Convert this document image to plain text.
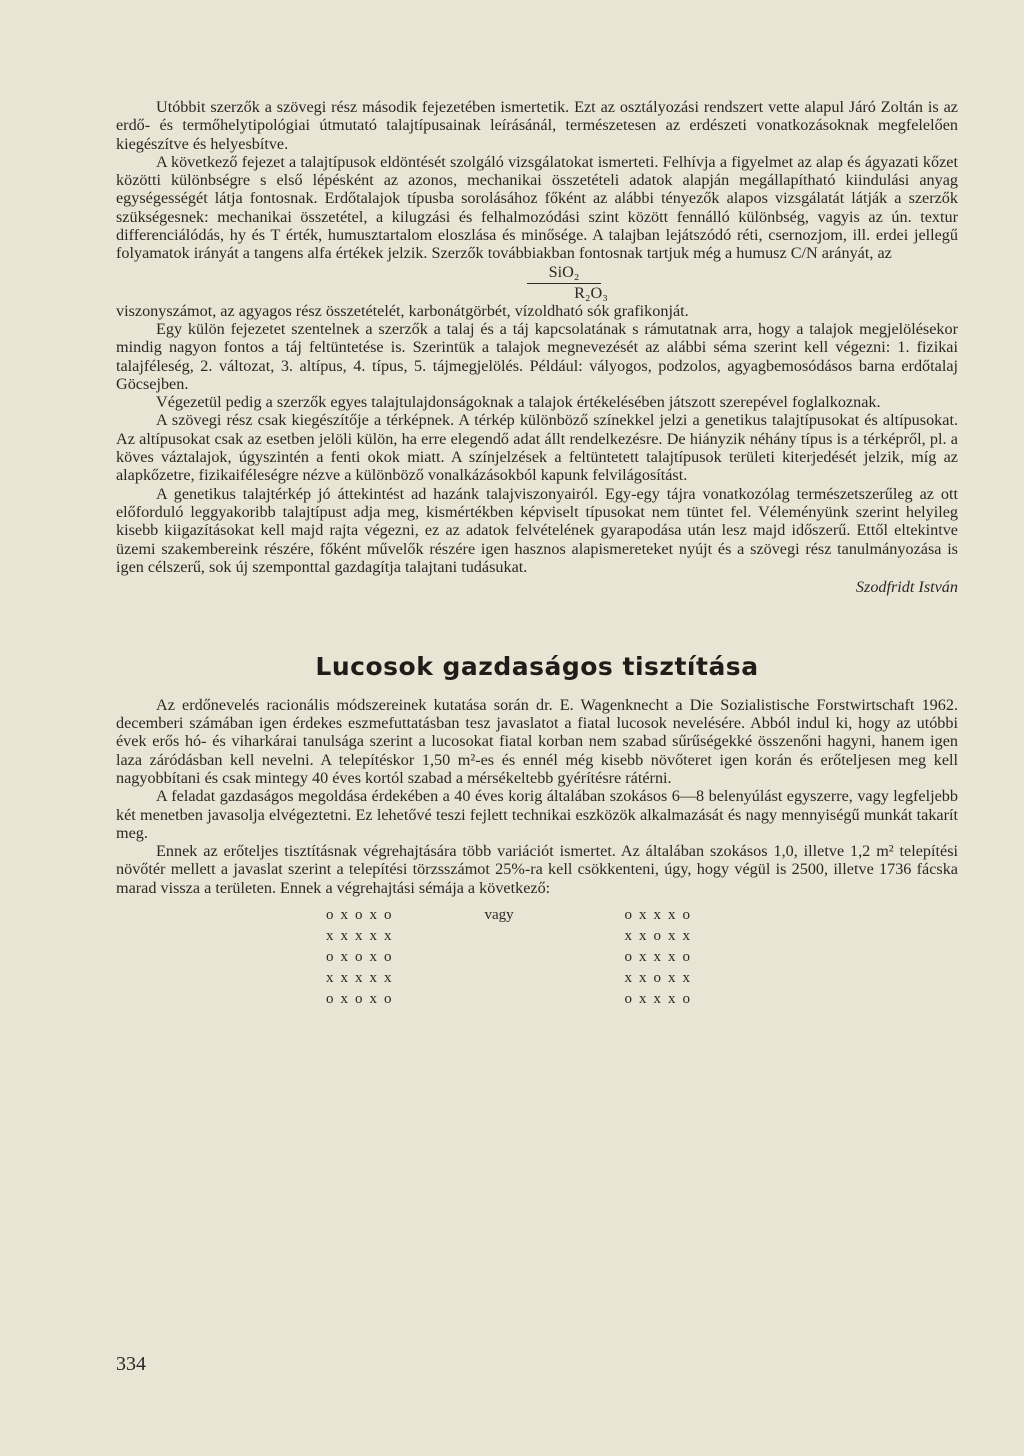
Utóbbit szerzők a szövegi rész második fejezetében ismertetik. Ezt az osztályozási rendszert vette alapul Járó Zoltán is az erdő- és termőhelytipológiai útmutató talajtípusainak leírásánál, természetesen az erdészeti vonatkozásoknak megfelelően kiegészítve és helyesbítve.

A következő fejezet a talajtípusok eldöntését szolgáló vizsgálatokat ismerteti. Felhívja a figyelmet az alap és ágyazati kőzet közötti különbségre s első lépésként az azonos, mechanikai összetételi adatok alapján megállapítható kiindulási anyag egységességét látja fontosnak. Erdőtalajok típusba sorolásához főként az alábbi tényezők alapos vizsgálatát látják a szerzők szükségesnek: mechanikai összetétel, a kilugzási és felhalmozódási szint között fennálló különbség, vagyis az ún. textur differenciálódás, hy és T érték, humusztartalom eloszlása és minősége. A talajban lejátszódó réti, csernozjom, ill. erdei jellegű folyamatok irányát a tangens alfa értékek jelzik. Szerzők továbbiakban fontosnak tartjuk még a humusz C/N arányát, az

SiO₂
R₂O₃

viszonyszámot, az agyagos rész összetételét, karbonátgörbét, vízoldható sók grafikonját.

Egy külön fejezetet szentelnek a szerzők a talaj és a táj kapcsolatának s rámutatnak arra, hogy a talajok megjelölésekor mindig nagyon fontos a táj feltüntetése is. Szerintük a talajok megnevezését az alábbi séma szerint kell végezni: 1. fizikai talajféleség, 2. változat, 3. altípus, 4. típus, 5. tájmegjelölés. Például: vályogos, podzolos, agyagbemosódásos barna erdőtalaj Göcsejben.

Végezetül pedig a szerzők egyes talajtulajdonságoknak a talajok értékelésében játszott szerepével foglalkoznak.

A szövegi rész csak kiegészítője a térképnek. A térkép különböző színekkel jelzi a genetikus talajtípusokat és altípusokat. Az altípusokat csak az esetben jelöli külön, ha erre elegendő adat állt rendelkezésre. De hiányzik néhány típus is a térképről, pl. a köves váztalajok, úgyszintén a fenti okok miatt. A színjelzések a feltüntetett talajtípusok területi kiterjedését jelzik, míg az alapkőzetre, fizikaiféleségre nézve a különböző vonalkázásokból kapunk felvilágosítást.

A genetikus talajtérkép jó áttekintést ad hazánk talajviszonyairól. Egy-egy tájra vonatkozólag természetszerűleg az ott előforduló leggyakoribb talajtípust adja meg, kismértékben képviselt típusokat nem tüntet fel. Véleményünk szerint helyileg kisebb kiigazításokat kell majd rajta végezni, ez az adatok felvételének gyarapodása után lesz majd időszerű. Ettől eltekintve üzemi szakembereink részére, főként művelők részére igen hasznos alapismereteket nyújt és a szövegi rész tanulmányozása is igen célszerű, sok új szemponttal gazdagítja talajtani tudásukat.

Szodfridt István
Lucosok gazdaságos tisztítása

Az erdőnevelés racionális módszereinek kutatása során dr. E. Wagenknecht a Die Sozialistische Forstwirtschaft 1962. decemberi számában igen érdekes eszmefuttatásban tesz javaslatot a fiatal lucosok nevelésére. Abból indul ki, hogy az utóbbi évek erős hó- és viharkárai tanulsága szerint a lucosokat fiatal korban nem szabad sűrűségekké összenőni hagyni, hanem igen laza záródásban kell nevelni. A telepítéskor 1,50 m²-es és ennél még kisebb növőteret igen korán és erőteljesen meg kell nagyobbítani és csak mintegy 40 éves kortól szabad a mérsékeltebb gyérítésre rátérni.

A feladat gazdaságos megoldása érdekében a 40 éves korig általában szokásos 6—8 belenyúlást egyszerre, vagy legfeljebb két menetben javasolja elvégeztetni. Ez lehetővé teszi fejlett technikai eszközök alkalmazását és nagy mennyiségű munkát takarít meg.

Ennek az erőteljes tisztításnak végrehajtására több variációt ismertet. Az általában szokásos 1,0, illetve 1,2 m² telepítési növőtér mellett a javaslat szerint a telepítési törzsszámot 25%-ra kell csökkenteni, úgy, hogy végül is 2500, illetve 1736 fácska marad vissza a területen. Ennek a végrehajtási sémája a következő:

oxoxo	vagy	oxxxo
xxxxx		xxoxx
oxoxo		oxxxo
xxxxx		xxoxx
oxoxo		oxxxo
334
